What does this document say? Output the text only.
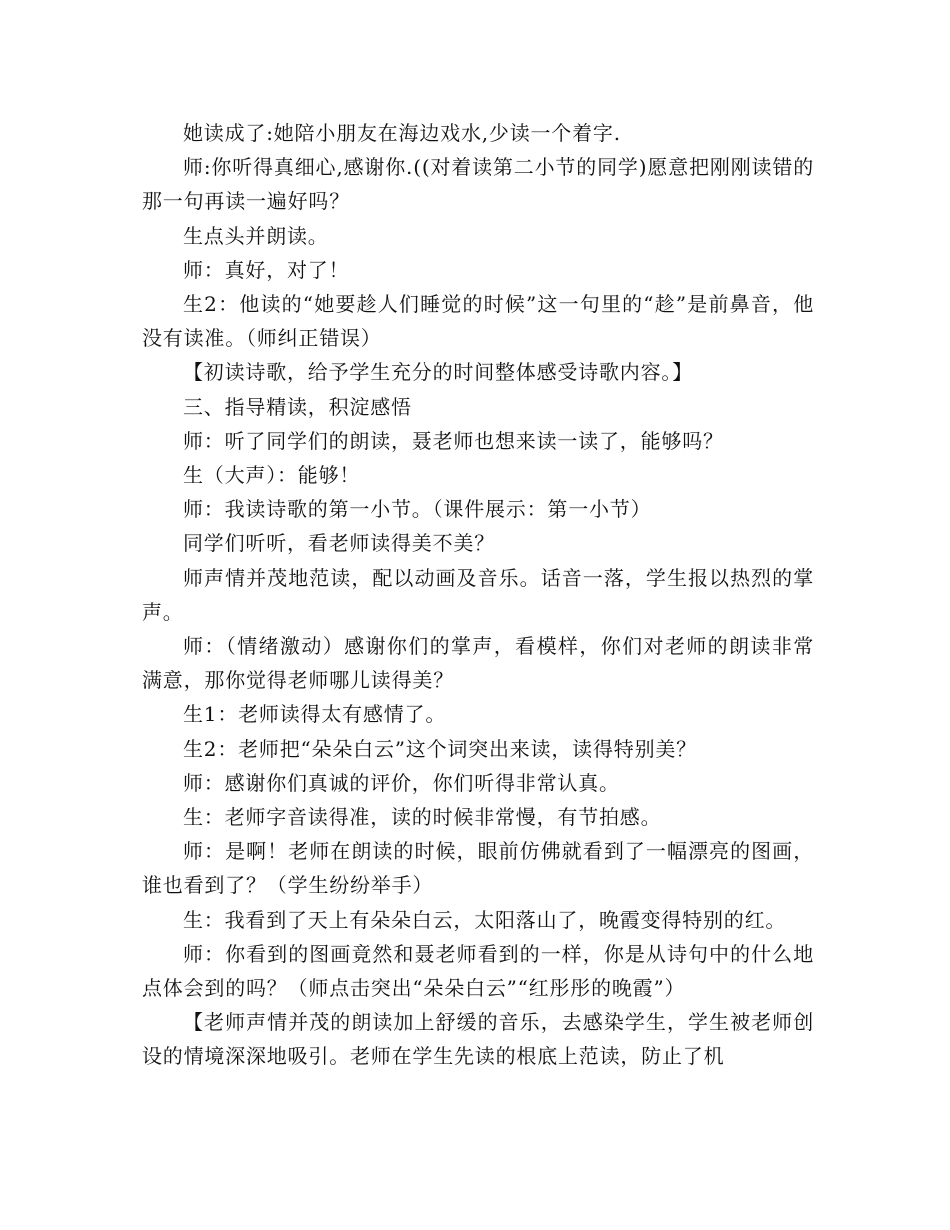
她读成了:她陪小朋友在海边戏水,少读一个着字.

师:你听得真细心,感谢你.((对着读第二小节的同学)愿意把刚刚读错的那一句再读一遍好吗？

生点头并朗读。

师：真好，对了！

生2：他读的“她要趁人们睡觉的时候”这一句里的“趁”是前鼻音，他没有读准。（师纠正错误）

【初读诗歌，给予学生充分的时间整体感受诗歌内容。】

三、指导精读，积淀感悟

师：听了同学们的朗读，聂老师也想来读一读了，能够吗？

生（大声）：能够！

师：我读诗歌的第一小节。（课件展示：第一小节）

同学们听听，看老师读得美不美？

师声情并茂地范读，配以动画及音乐。话音一落，学生报以热烈的掌声。

师：（情绪激动）感谢你们的掌声，看模样，你们对老师的朗读非常满意，那你觉得老师哪儿读得美？

生1：老师读得太有感情了。

生2：老师把“朵朵白云”这个词突出来读，读得特别美？

师：感谢你们真诚的评价，你们听得非常认真。

生：老师字音读得准，读的时候非常慢，有节拍感。

师：是啊！老师在朗读的时候，眼前仿佛就看到了一幅漂亮的图画，谁也看到了？（学生纷纷举手）

生：我看到了天上有朵朵白云，太阳落山了，晚霞变得特别的红。

师：你看到的图画竟然和聂老师看到的一样，你是从诗句中的什么地点体会到的吗？（师点击突出“朵朵白云”“红彤彤的晚霞”）

【老师声情并茂的朗读加上舒缓的音乐，去感染学生，学生被老师创设的情境深深地吸引。老师在学生先读的根底上范读，防止了机
